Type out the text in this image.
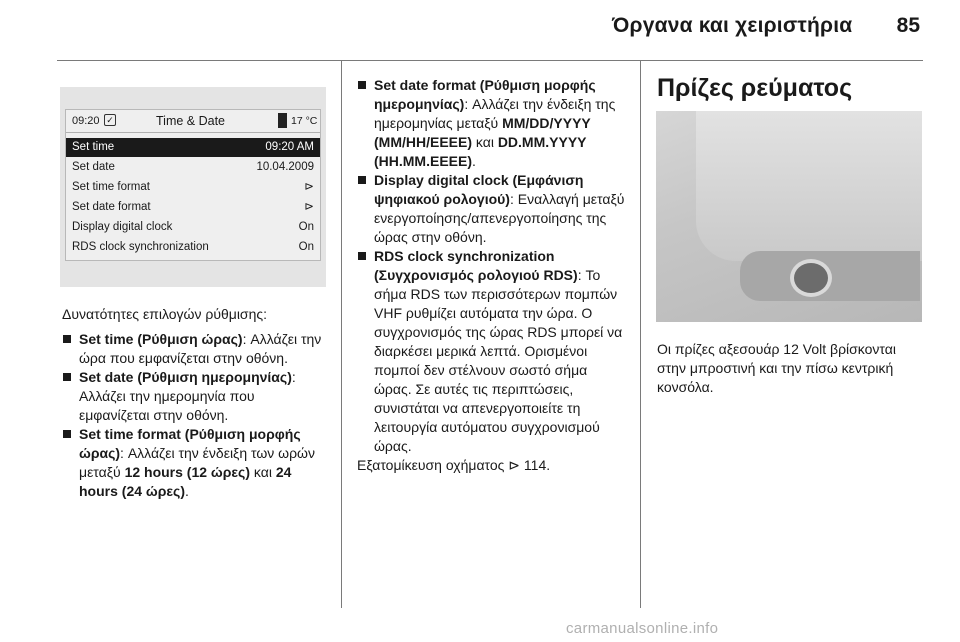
Όργανα και χειριστήρια 85
09:20 ✓	Time & Date	17 °C
Set time	09:20 AM
Set date	10.04.2009
Set time format	⊳
Set date format	⊳
Display digital clock	On
RDS clock synchronization	On

Δυνατότητες επιλογών ρύθμισης:

Set time (Ρύθμιση ώρας): Αλλάζει την ώρα που εμφανίζεται στην οθόνη.

Set date (Ρύθμιση ημερομηνίας): Αλλάζει την ημερομηνία που εμφανίζεται στην οθόνη.

Set time format (Ρύθμιση μορφής ώρας): Αλλάζει την ένδειξη των ωρών μεταξύ 12 hours (12 ώρες) και 24 hours (24 ώρες).

Set date format (Ρύθμιση μορφής ημερομηνίας): Αλλάζει την ένδειξη της ημερομηνίας μεταξύ MM/DD/YYYY (MM/HH/EEEE) και DD.MM.YYYY (HH.MM.EEEE).

Display digital clock (Εμφάνιση ψηφιακού ρολογιού): Εναλλαγή μεταξύ ενεργοποίησης/απενεργοποίησης της ώρας στην οθόνη.

RDS clock synchronization (Συγχρονισμός ρολογιού RDS): Το σήμα RDS των περισσότερων πομπών VHF ρυθμίζει αυτόματα την ώρα. Ο συγχρονισμός της ώρας RDS μπορεί να διαρκέσει μερικά λεπτά. Ορισμένοι πομποί δεν στέλνουν σωστό σήμα ώρας. Σε αυτές τις περιπτώσεις, συνιστάται να απενεργοποιείτε τη λειτουργία αυτόματου συγχρονισμού ώρας.

Εξατομίκευση οχήματος ⊳ 114.

Πρίζες ρεύματος

Οι πρίζες αξεσουάρ 12 Volt βρίσκονται στην μπροστινή και την πίσω κεντρική κονσόλα.

carmanualsonline.info
